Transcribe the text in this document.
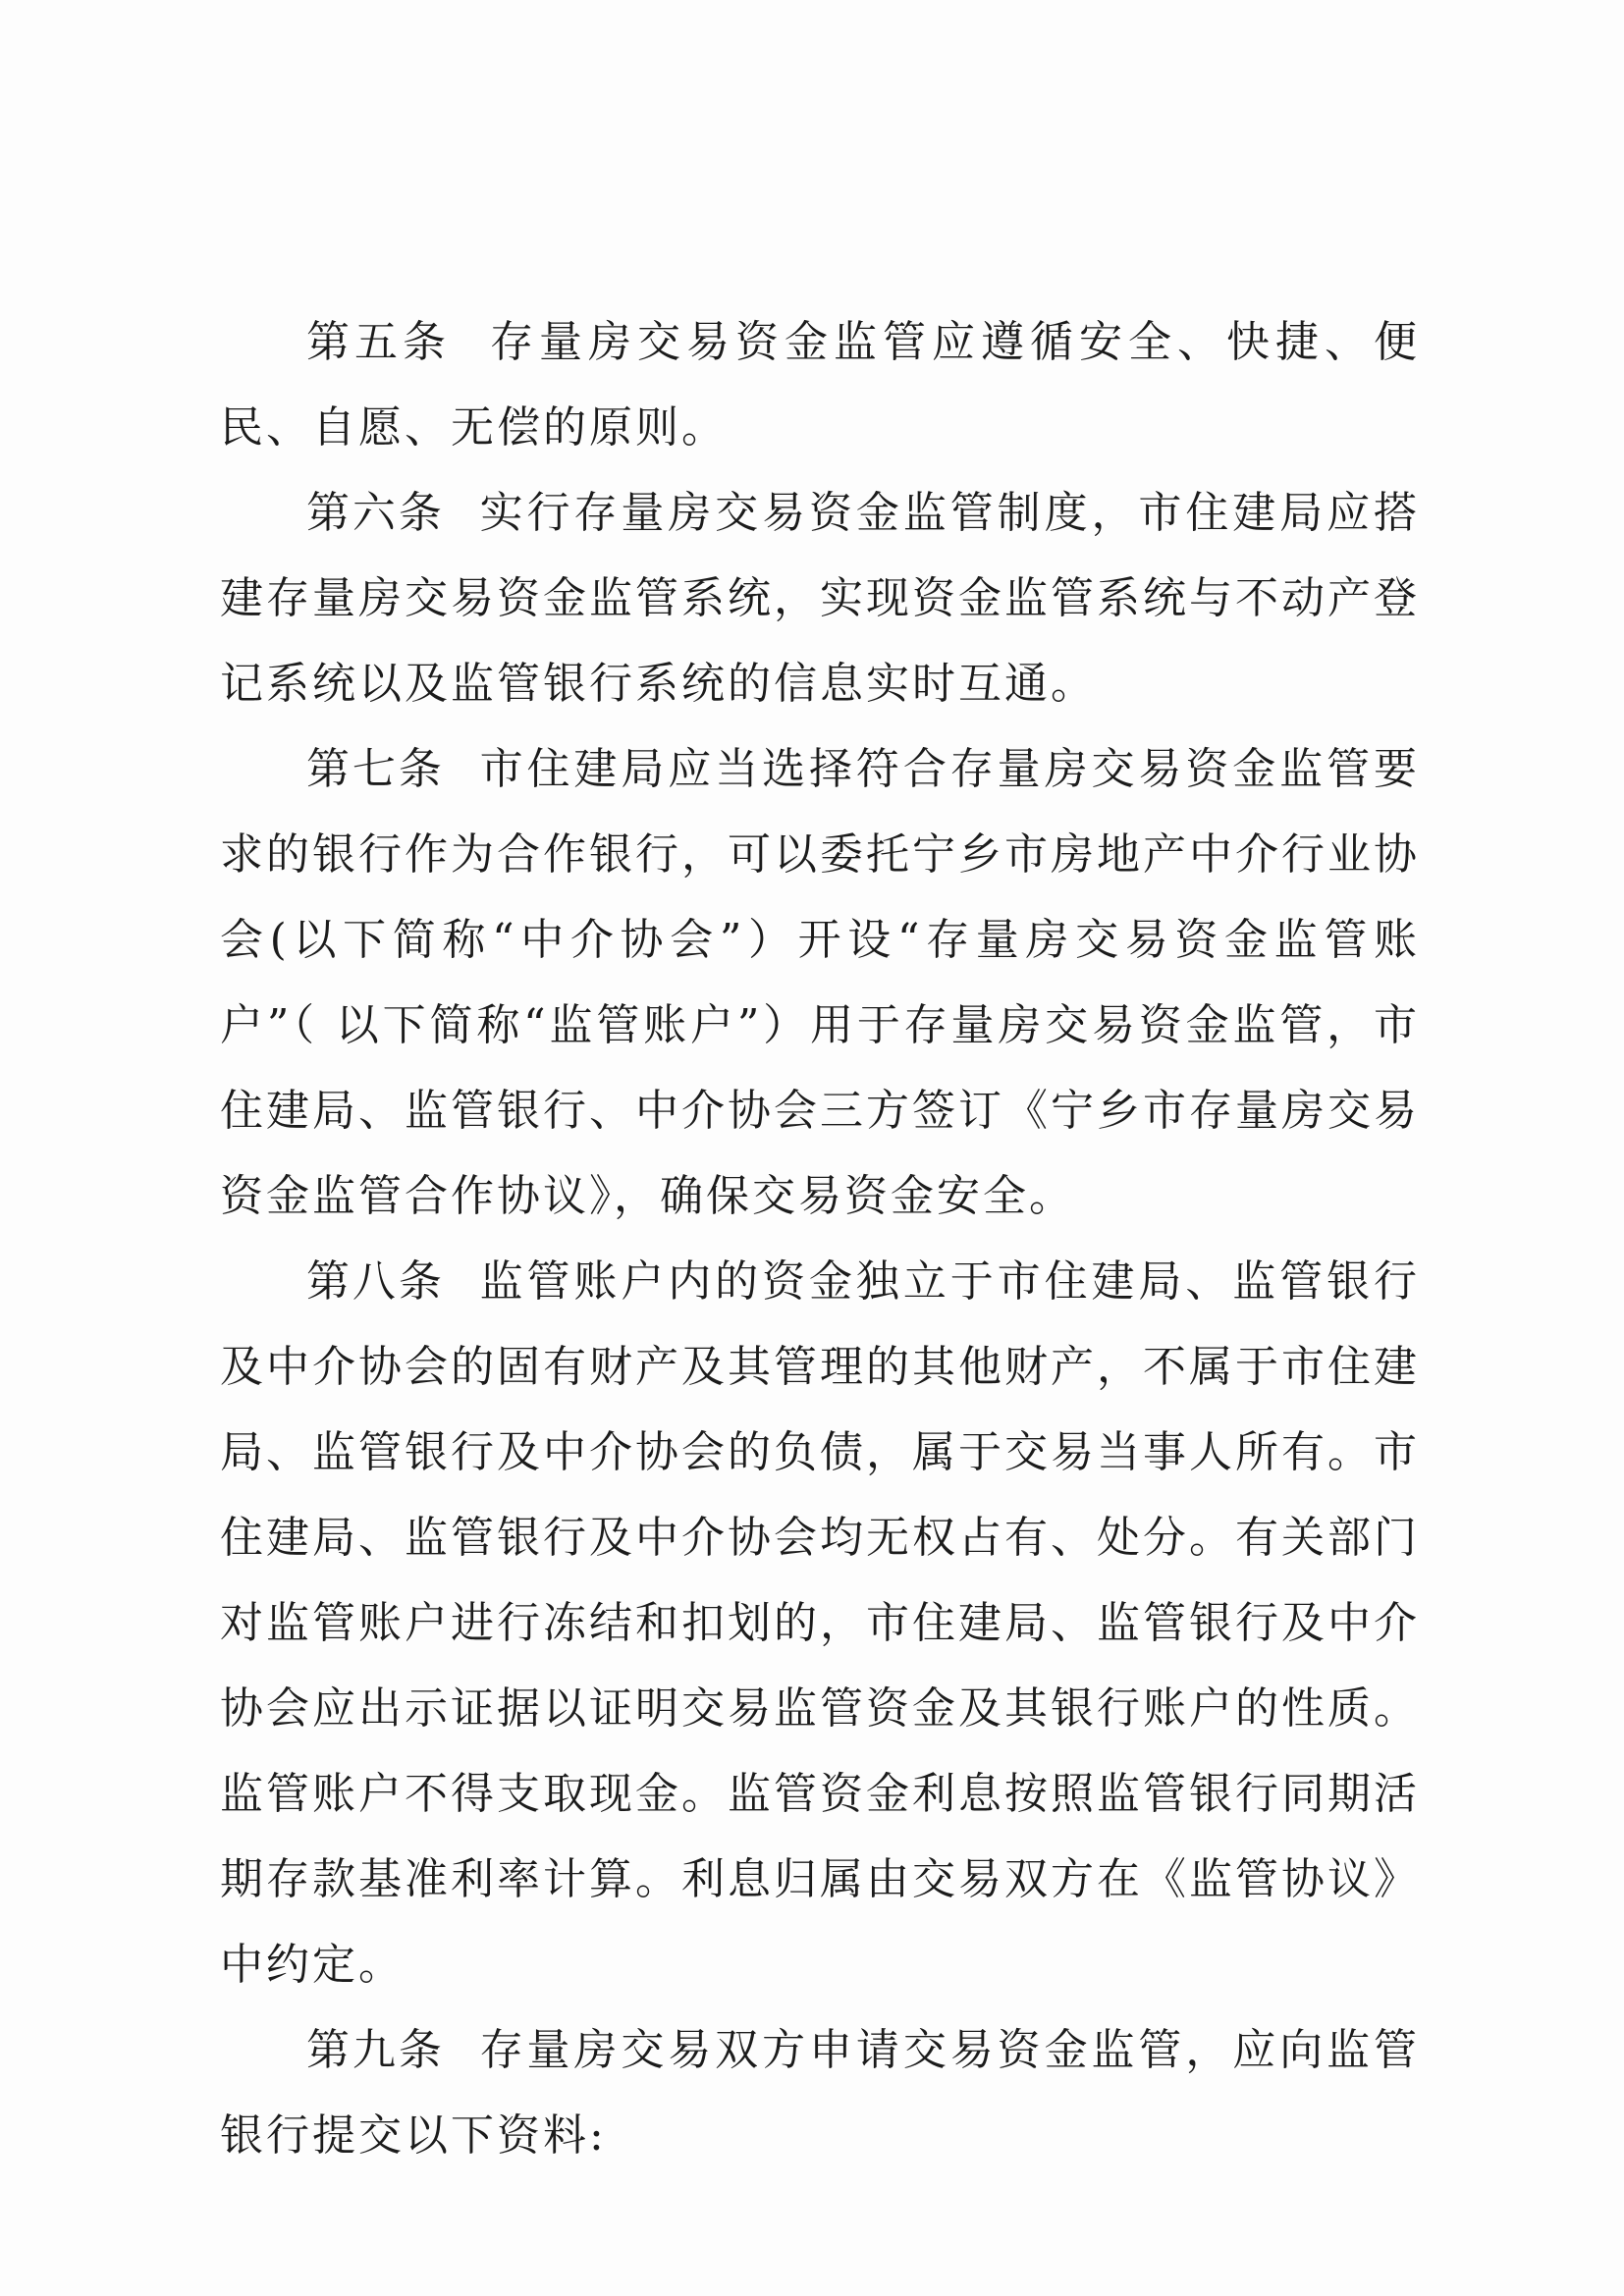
第五条 存量房交易资金监管应遵循安全、快捷、便民、自愿、无偿的原则。

第六条 实行存量房交易资金监管制度，市住建局应搭建存量房交易资金监管系统，实现资金监管系统与不动产登记系统以及监管银行系统的信息实时互通。

第七条 市住建局应当选择符合存量房交易资金监管要求的银行作为合作银行，可以委托宁乡市房地产中介行业协会(以下简称“中介协会”）开设“存量房交易资金监管账户”（ 以下简称“监管账户”）用于存量房交易资金监管，市住建局、监管银行、中介协会三方签订《宁乡市存量房交易资金监管合作协议》，确保交易资金安全。

第八条 监管账户内的资金独立于市住建局、监管银行及中介协会的固有财产及其管理的其他财产，不属于市住建局、监管银行及中介协会的负债，属于交易当事人所有。市住建局、监管银行及中介协会均无权占有、处分。有关部门对监管账户进行冻结和扣划的，市住建局、监管银行及中介协会应出示证据以证明交易监管资金及其银行账户的性质。监管账户不得支取现金。监管资金利息按照监管银行同期活期存款基准利率计算。利息归属由交易双方在《监管协议》中约定。

第九条 存量房交易双方申请交易资金监管，应向监管银行提交以下资料:
